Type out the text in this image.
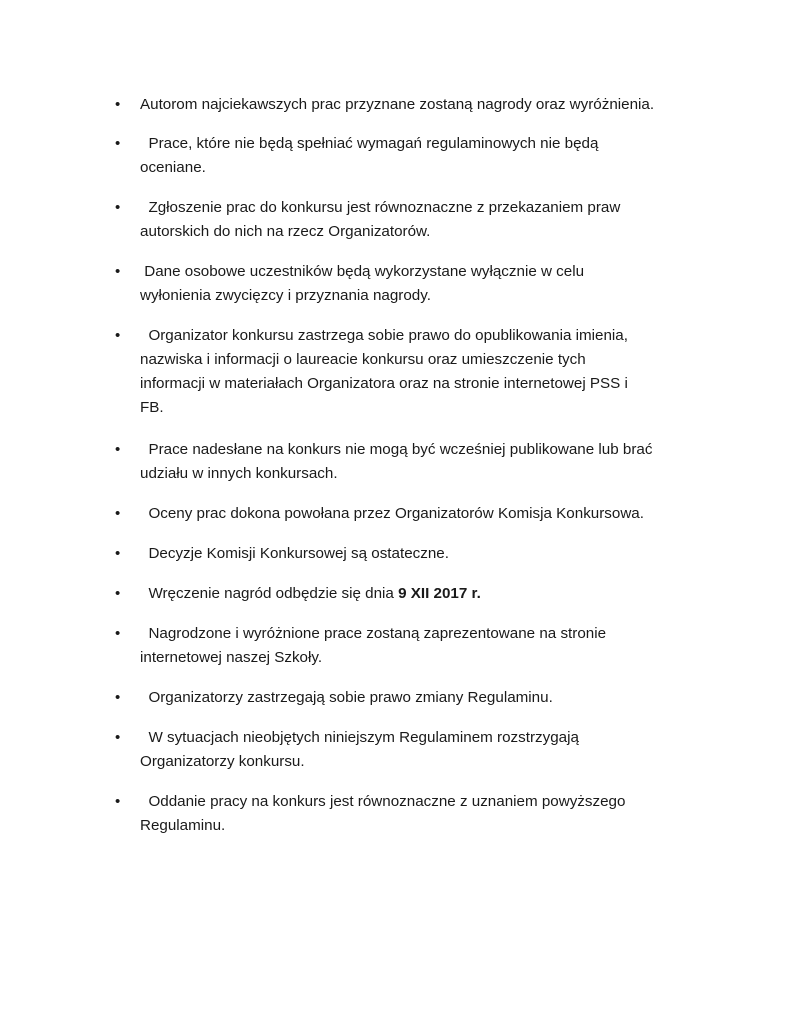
• Autorom najciekawszych prac przyznane zostaną nagrody oraz wyróżnienia.
• Prace, które nie będą spełniać wymagań regulaminowych nie będą
oceniane.
• Zgłoszenie prac do konkursu jest równoznaczne z przekazaniem praw
autorskich do nich na rzecz Organizatorów.
• Dane osobowe uczestników będą wykorzystane wyłącznie w celu
wyłonienia zwycięzcy i przyznania nagrody.
• Organizator konkursu zastrzega sobie prawo do opublikowania imienia,
nazwiska i informacji o laureacie konkursu oraz umieszczenie tych
informacji w materiałach Organizatora oraz na stronie internetowej PSS i
FB.
• Prace nadesłane na konkurs nie mogą być wcześniej publikowane lub brać
udziału w innych konkursach.
• Oceny prac dokona powołana przez Organizatorów Komisja Konkursowa.
• Decyzje Komisji Konkursowej są ostateczne.
• Wręczenie nagród odbędzie się dnia 9 XII 2017 r.
• Nagrodzone i wyróżnione prace zostaną zaprezentowane na stronie
internetowej naszej Szkoły.
• Organizatorzy zastrzegają sobie prawo zmiany Regulaminu.
• W sytuacjach nieobjętych niniejszym Regulaminem rozstrzygają
Organizatorzy konkursu.
• Oddanie pracy na konkurs jest równoznaczne z uznaniem powyższego
Regulaminu.
